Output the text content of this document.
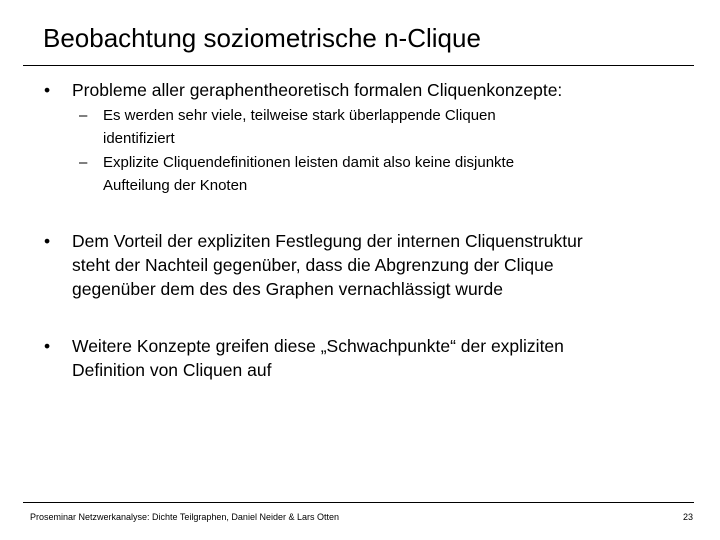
Beobachtung soziometrische n-Clique
• Probleme aller geraphentheoretisch formalen Cliquenkonzepte:
– Es werden sehr viele, teilweise stark überlappende Cliquen
identifiziert
– Explizite Cliquendefinitionen leisten damit also keine disjunkte
Aufteilung der Knoten
• Dem Vorteil der expliziten Festlegung der internen Cliquenstruktur
steht der Nachteil gegenüber, dass die Abgrenzung der Clique
gegenüber dem des des Graphen vernachlässigt wurde
• Weitere Konzepte greifen diese „Schwachpunkte“ der expliziten
Definition von Cliquen auf
Proseminar Netzwerkanalyse: Dichte Teilgraphen, Daniel Neider & Lars Otten	23
